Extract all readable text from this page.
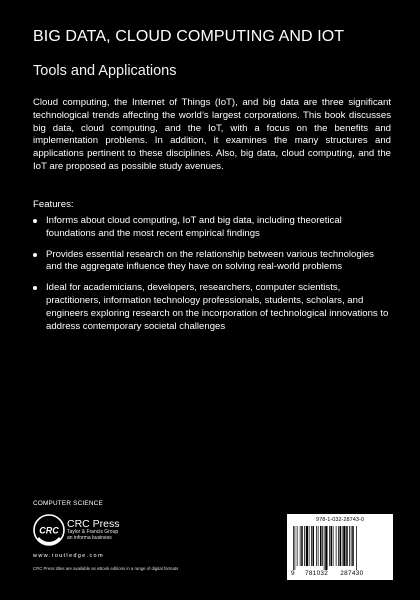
BIG DATA, CLOUD COMPUTING AND IOT
Tools and Applications
Cloud computing, the Internet of Things (IoT), and big data are three significant technological trends affecting the world’s largest corporations. This book discusses big data, cloud computing, and the IoT, with a focus on the benefits and implementation problems. In addition, it examines the many structures and applications pertinent to these disciplines. Also, big data, cloud computing, and the IoT are proposed as possible study avenues.
Features:
Informs about cloud computing, IoT and big data, including theoretical foundations and the most recent empirical findings
Provides essential research on the relationship between various technologies and the aggregate influence they have on solving real-world problems
Ideal for academicians, developers, researchers, computer scientists, practitioners, information technology professionals, students, scholars, and engineers exploring research on the incorporation of technological innovations to address contemporary societal challenges
COMPUTER SCIENCE
CRC
CRC Press
Taylor & Francis Group
an informa business
www.routledge.com
CRC Press titles are available as eBook editions in a range of digital formats
978-1-032-28743-0
9 781032 287430
